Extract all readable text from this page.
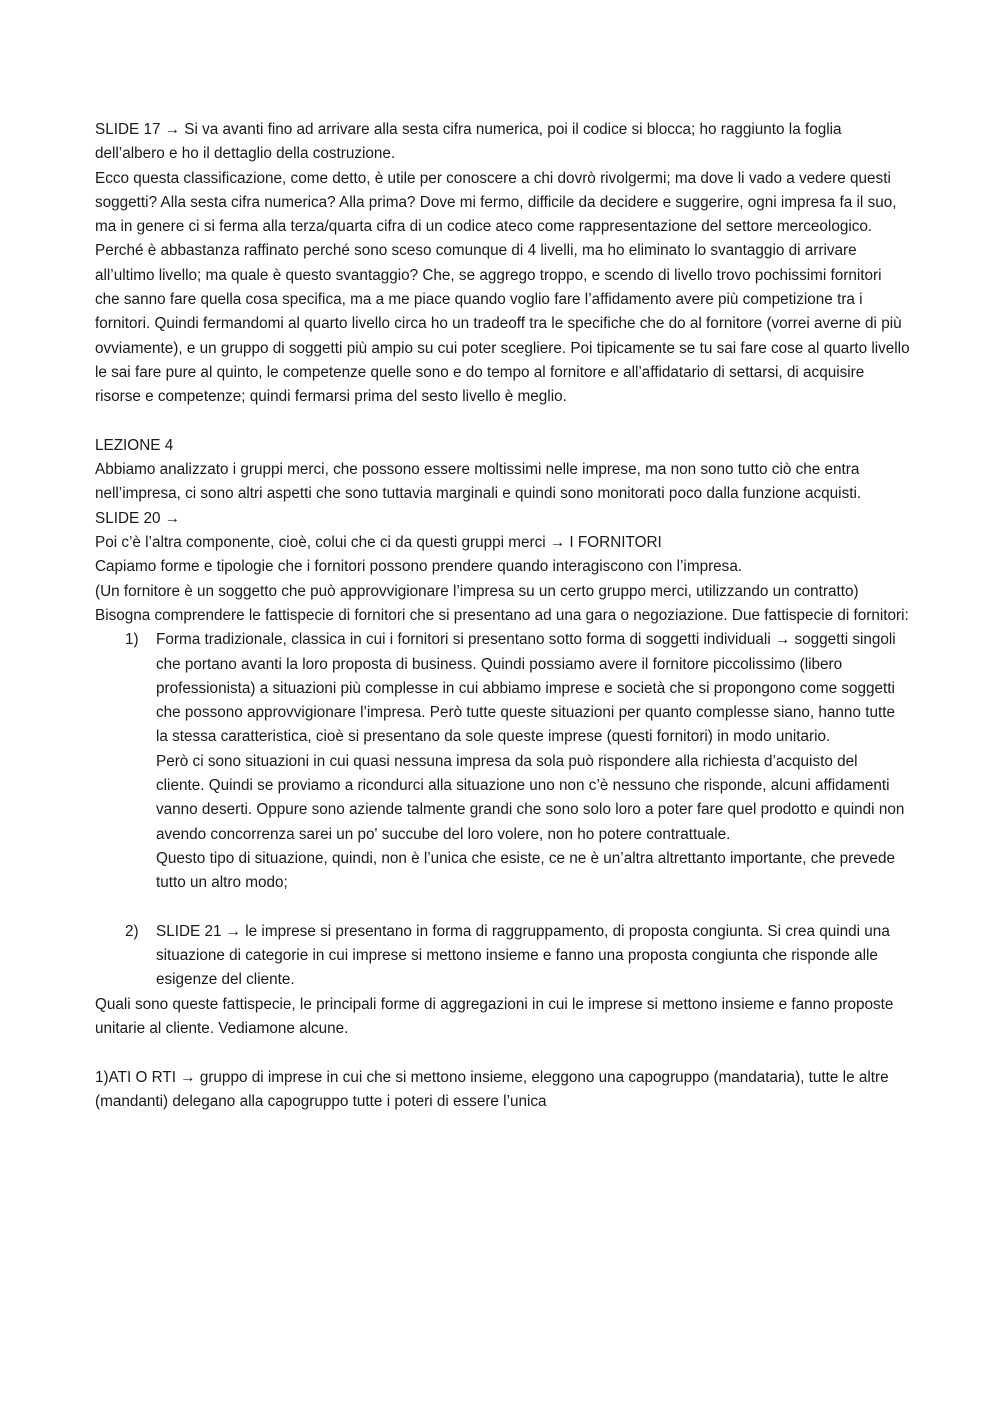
SLIDE 17 → Si va avanti fino ad arrivare alla sesta cifra numerica, poi il codice si blocca; ho raggiunto la foglia dell’albero e ho il dettaglio della costruzione.

Ecco questa classificazione, come detto, è utile per conoscere a chi dovrò rivolgermi; ma dove li vado a vedere questi soggetti? Alla sesta cifra numerica? Alla prima? Dove mi fermo, difficile da decidere e suggerire, ogni impresa fa il suo, ma in genere ci si ferma alla terza/quarta cifra di un codice ateco come rappresentazione del settore merceologico. Perché è abbastanza raffinato perché sono sceso comunque di 4 livelli, ma ho eliminato lo svantaggio di arrivare all’ultimo livello; ma quale è questo svantaggio? Che, se aggrego troppo, e scendo di livello trovo pochissimi fornitori che sanno fare quella cosa specifica, ma a me piace quando voglio fare l’affidamento avere più competizione tra i fornitori. Quindi fermandomi al quarto livello circa ho un tradeoff tra le specifiche che do al fornitore (vorrei averne di più ovviamente), e un gruppo di soggetti più ampio su cui poter scegliere. Poi tipicamente se tu sai fare cose al quarto livello le sai fare pure al quinto, le competenze quelle sono e do tempo al fornitore e all’affidatario di settarsi, di acquisire risorse e competenze; quindi fermarsi prima del sesto livello è meglio.

LEZIONE 4

Abbiamo analizzato i gruppi merci, che possono essere moltissimi nelle imprese, ma non sono tutto ciò che entra nell’impresa, ci sono altri aspetti che sono tuttavia marginali e quindi sono monitorati poco dalla funzione acquisti.

SLIDE 20 →

Poi c’è l’altra componente, cioè, colui che ci da questi gruppi merci → I FORNITORI

Capiamo forme e tipologie che i fornitori possono prendere quando interagiscono con l’impresa.

(Un fornitore è un soggetto che può approvvigionare l’impresa su un certo gruppo merci, utilizzando un contratto)

Bisogna comprendere le fattispecie di fornitori che si presentano ad una gara o negoziazione. Due fattispecie di fornitori:

1) Forma tradizionale, classica in cui i fornitori si presentano sotto forma di soggetti individuali → soggetti singoli che portano avanti la loro proposta di business. Quindi possiamo avere il fornitore piccolissimo (libero professionista) a situazioni più complesse in cui abbiamo imprese e società che si propongono come soggetti che possono approvvigionare l’impresa. Però tutte queste situazioni per quanto complesse siano, hanno tutte la stessa caratteristica, cioè si presentano da sole queste imprese (questi fornitori) in modo unitario.

Però ci sono situazioni in cui quasi nessuna impresa da sola può rispondere alla richiesta d’acquisto del cliente. Quindi se proviamo a ricondurci alla situazione uno non c’è nessuno che risponde, alcuni affidamenti vanno deserti. Oppure sono aziende talmente grandi che sono solo loro a poter fare quel prodotto e quindi non avendo concorrenza sarei un po' succube del loro volere, non ho potere contrattuale.

Questo tipo di situazione, quindi, non è l’unica che esiste, ce ne è un’altra altrettanto importante, che prevede tutto un altro modo;

2) SLIDE 21 → le imprese si presentano in forma di raggruppamento, di proposta congiunta. Si crea quindi una situazione di categorie in cui imprese si mettono insieme e fanno una proposta congiunta che risponde alle esigenze del cliente.

Quali sono queste fattispecie, le principali forme di aggregazioni in cui le imprese si mettono insieme e fanno proposte unitarie al cliente. Vediamone alcune.

1)ATI O RTI → gruppo di imprese in cui che si mettono insieme, eleggono una capogruppo (mandataria), tutte le altre (mandanti) delegano alla capogruppo tutte i poteri di essere l’unica
